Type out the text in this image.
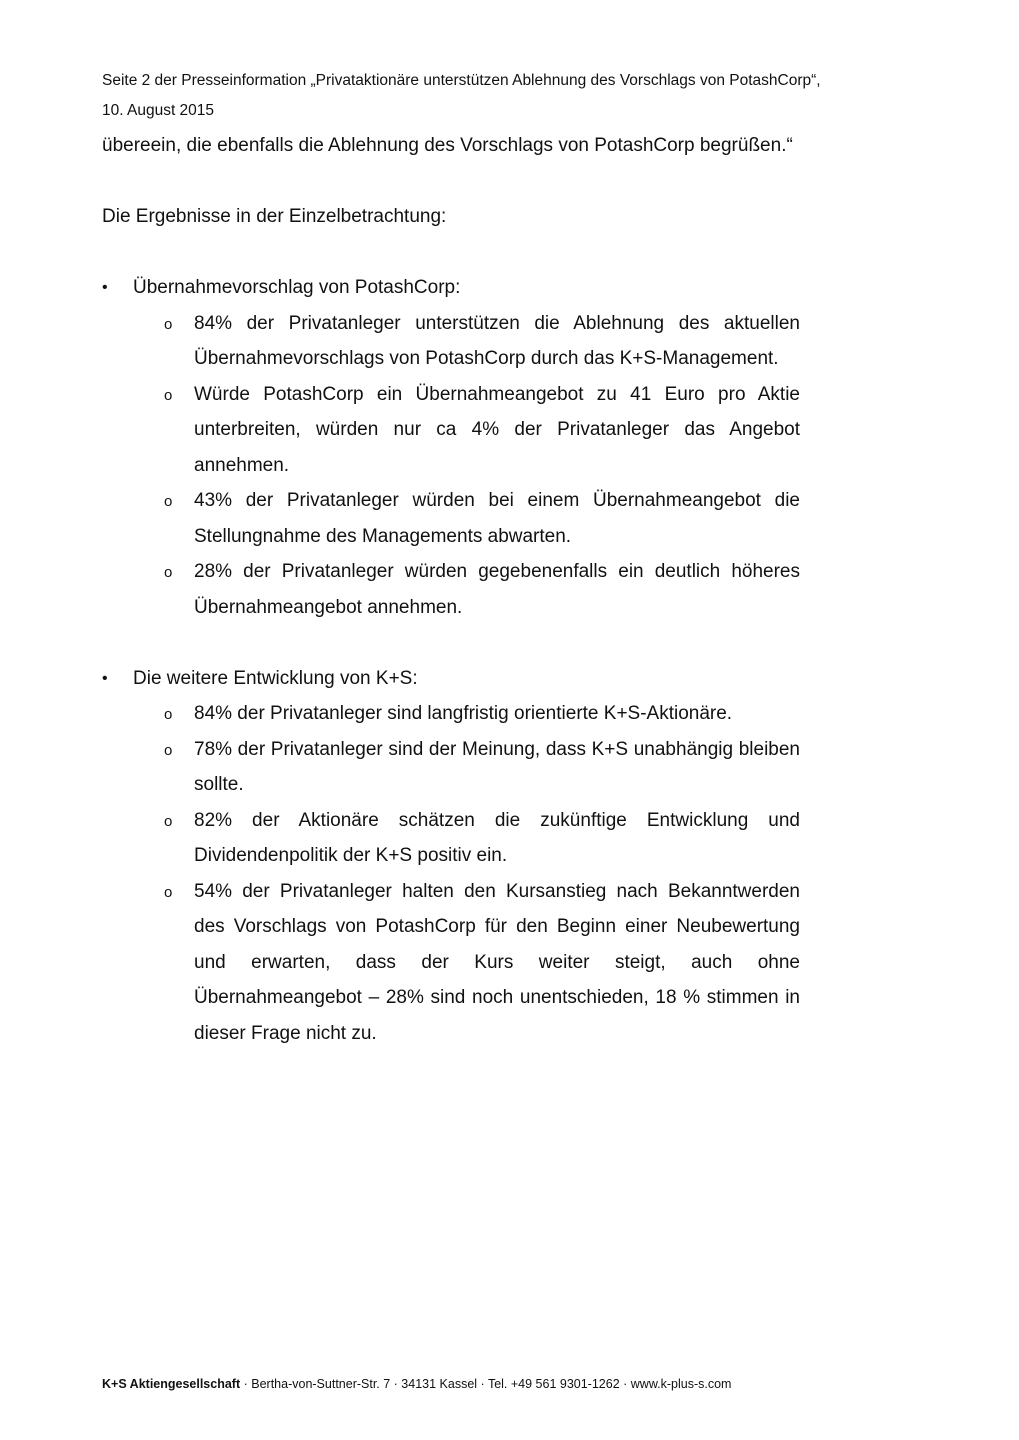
Seite 2 der Presseinformation „Privataktionäre unterstützen Ablehnung des Vorschlags von PotashCorp“,
10. August 2015
übereein, die ebenfalls die Ablehnung des Vorschlags von PotashCorp begrüßen.“
Die Ergebnisse in der Einzelbetrachtung:
•	Übernahmevorschlag von PotashCorp:
o 84% der Privatanleger unterstützen die Ablehnung des aktuellen Übernahmevorschlags von PotashCorp durch das K+S-Management.
o Würde PotashCorp ein Übernahmeangebot zu 41 Euro pro Aktie unterbreiten, würden nur ca 4% der Privatanleger das Angebot annehmen.
o 43% der Privatanleger würden bei einem Übernahmeangebot die Stellungnahme des Managements abwarten.
o 28% der Privatanleger würden gegebenenfalls ein deutlich höheres Übernahmeangebot annehmen.
•	Die weitere Entwicklung von K+S:
o 84% der Privatanleger sind langfristig orientierte K+S-Aktionäre.
o 78% der Privatanleger sind der Meinung, dass K+S unabhängig bleiben sollte.
o 82% der Aktionäre schätzen die zukünftige Entwicklung und Dividendenpolitik der K+S positiv ein.
o 54% der Privatanleger halten den Kursanstieg nach Bekanntwerden des Vorschlags von PotashCorp für den Beginn einer Neubewertung und erwarten, dass der Kurs weiter steigt, auch ohne Übernahmeangebot – 28% sind noch unentschieden, 18 % stimmen in dieser Frage nicht zu.
K+S Aktiengesellschaft · Bertha-von-Suttner-Str. 7 · 34131 Kassel · Tel. +49 561 9301-1262 · www.k-plus-s.com
